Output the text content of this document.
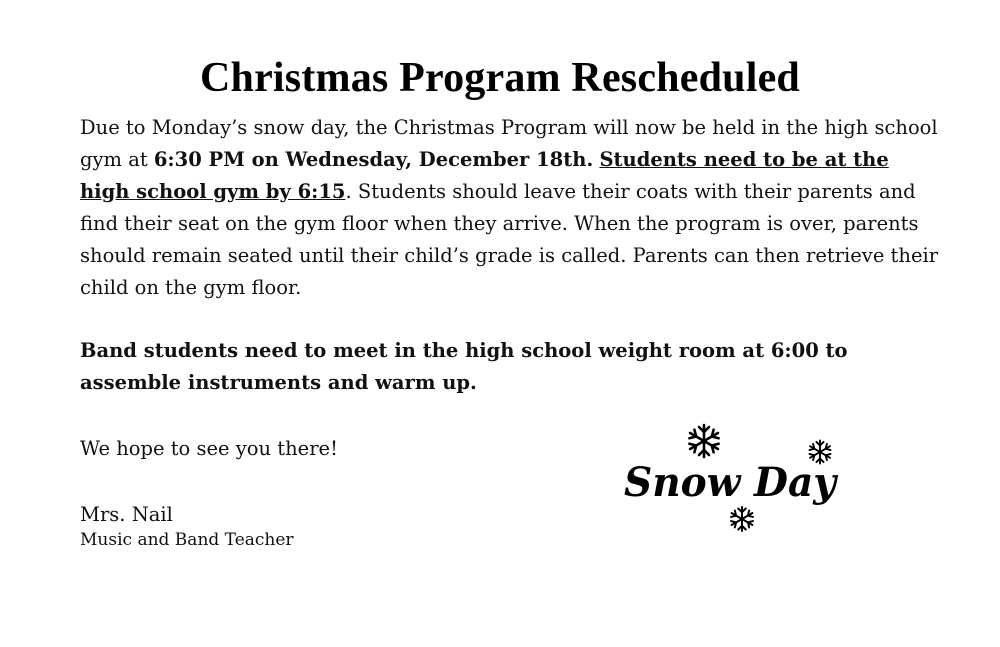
Christmas Program Rescheduled
Due to Monday’s snow day, the Christmas Program will now be held in the high school gym at 6:30 PM on Wednesday, December 18th. Students need to be at the high school gym by 6:15. Students should leave their coats with their parents and find their seat on the gym floor when they arrive. When the program is over, parents should remain seated until their child’s grade is called. Parents can then retrieve their child on the gym floor.
Band students need to meet in the high school weight room at 6:00 to assemble instruments and warm up.
We hope to see you there!
Mrs. Nail
Music and Band Teacher
Snow Day
